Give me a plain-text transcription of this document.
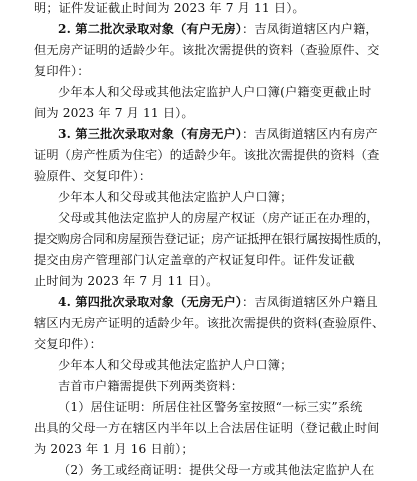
明；证件发证截止时间为 2023 年 7 月 11 日）。
2. 第二批次录取对象（有户无房）：吉凤街道辖区内户籍，
但无房产证明的适龄少年。该批次需提供的资料（查验原件、交
复印件）：
少年本人和父母或其他法定监护人户口簿(户籍变更截止时
间为 2023 年 7 月 11 日）。
3. 第三批次录取对象（有房无户）：吉凤街道辖区内有房产
证明（房产性质为住宅）的适龄少年。该批次需提供的资料（查
验原件、交复印件）：
少年本人和父母或其他法定监护人户口簿；
父母或其他法定监护人的房屋产权证（房产证正在办理的，
提交购房合同和房屋预告登记证；房产证抵押在银行属按揭性质的，
提交由房产管理部门认定盖章的产权证复印件。证件发证截
止时间为 2023 年 7 月 11 日）。
4. 第四批次录取对象（无房无户）：吉凤街道辖区外户籍且
辖区内无房产证明的适龄少年。该批次需提供的资料(查验原件、
交复印件）：
少年本人和父母或其他法定监护人户口簿；
吉首市户籍需提供下列两类资料：
（1）居住证明：所居住社区警务室按照“一标三实”系统
出具的父母一方在辖区内半年以上合法居住证明（登记截止时间
为 2023 年 1 月 16 日前）；
（2）务工或经商证明：提供父母一方或其他法定监护人在
